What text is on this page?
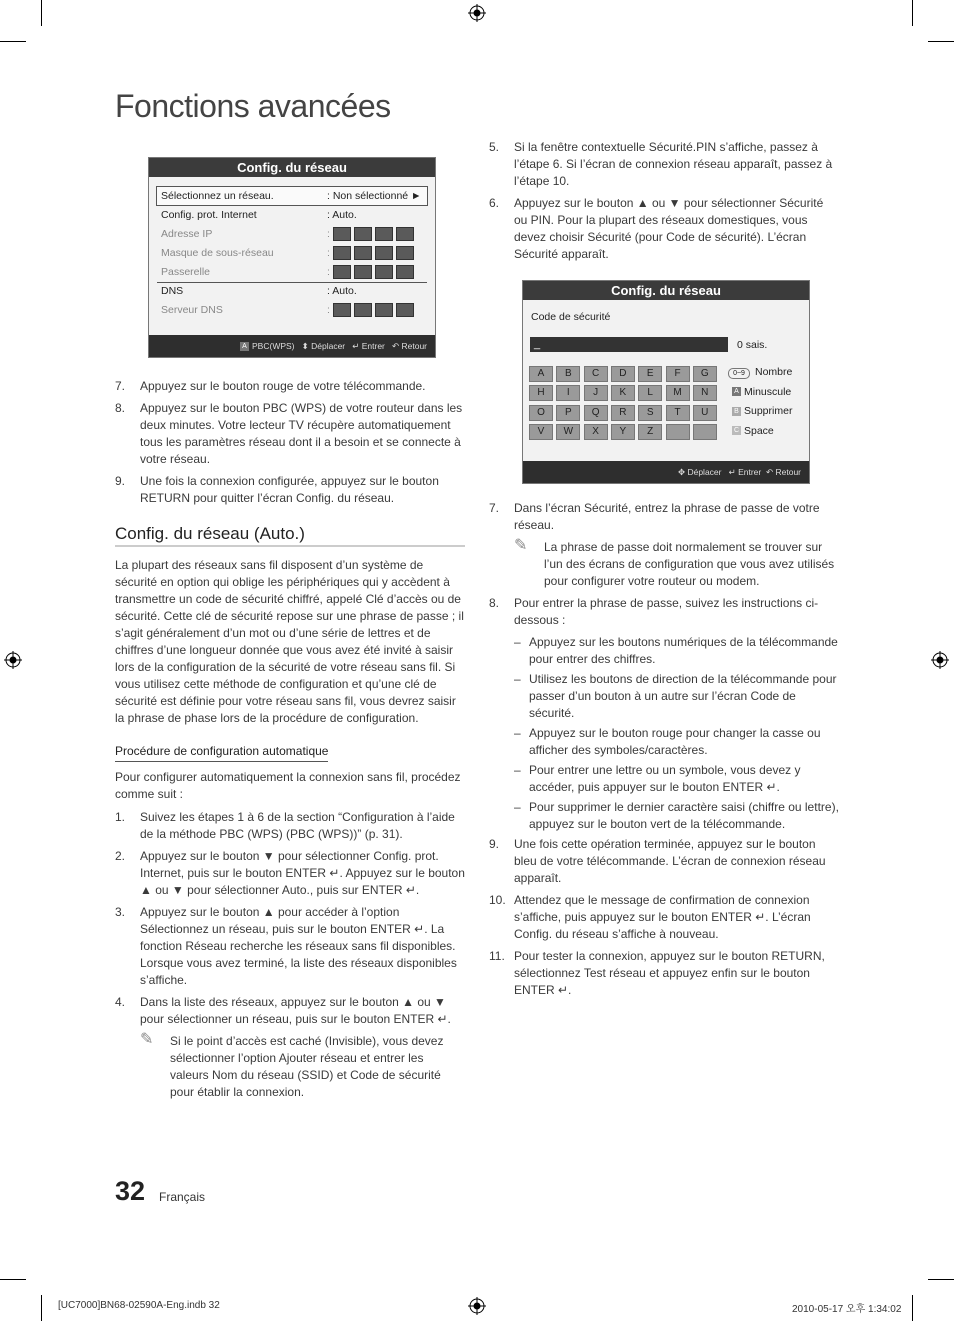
Fonctions avancées
Config. du réseau
Sélectionnez un réseau.	: Non sélectionné ►
Config. prot. Internet	: Auto.
Adresse IP	:
Masque de sous-réseau	:
Passerelle	:
DNS	: Auto.
Serveur DNS	:
A PBC(WPS) ⬍ Déplacer ↵ Entrer ↶ Retour
7. Appuyez sur le bouton rouge de votre télécommande.
8. Appuyez sur le bouton PBC (WPS) de votre routeur dans les deux minutes. Votre lecteur TV récupère automatiquement tous les paramètres réseau dont il a besoin et se connecte à votre réseau.
9. Une fois la connexion configurée, appuyez sur le bouton RETURN pour quitter l’écran Config. du réseau.
Config. du réseau (Auto.)
La plupart des réseaux sans fil disposent d’un système de sécurité en option qui oblige les périphériques qui y accèdent à transmettre un code de sécurité chiffré, appelé Clé d’accès ou de sécurité. Cette clé de sécurité repose sur une phrase de passe ; il s’agit généralement d’un mot ou d’une série de lettres et de chiffres d’une longueur donnée que vous avez été invité à saisir lors de la configuration de la sécurité de votre réseau sans fil. Si vous utilisez cette méthode de configuration et qu’une clé de sécurité est définie pour votre réseau sans fil, vous devrez saisir la phrase de phase lors de la procédure de configuration.
Procédure de configuration automatique
Pour configurer automatiquement la connexion sans fil, procédez comme suit :
1. Suivez les étapes 1 à 6 de la section “Configuration à l’aide de la méthode PBC (WPS) (PBC (WPS))” (p. 31).
2. Appuyez sur le bouton ▼ pour sélectionner Config. prot. Internet, puis sur le bouton ENTER ↵. Appuyez sur le bouton ▲ ou ▼ pour sélectionner Auto., puis sur ENTER ↵.
3. Appuyez sur le bouton ▲ pour accéder à l’option Sélectionnez un réseau, puis sur le bouton ENTER ↵. La fonction Réseau recherche les réseaux sans fil disponibles. Lorsque vous avez terminé, la liste des réseaux disponibles s’affiche.
4. Dans la liste des réseaux, appuyez sur le bouton ▲ ou ▼ pour sélectionner un réseau, puis sur le bouton ENTER ↵.
✎ Si le point d’accès est caché (Invisible), vous devez sélectionner l’option Ajouter réseau et entrer les valeurs Nom du réseau (SSID) et Code de sécurité pour établir la connexion.
5. Si la fenêtre contextuelle Sécurité.PIN s’affiche, passez à l’étape 6. Si l’écran de connexion réseau apparaît, passez à l’étape 10.
6. Appuyez sur le bouton ▲ ou ▼ pour sélectionner Sécurité ou PIN. Pour la plupart des réseaux domestiques, vous devez choisir Sécurité (pour Code de sécurité). L’écran Sécurité apparaît.
Config. du réseau
Code de sécurité
_	0 sais.
A	B	C	D	E	F	G
H	I	J	K	L	M	N
O	P	Q	R	S	T	U
V	W	X	Y	Z
0~9 Nombre
A Minuscule
B Supprimer
C Space
✥ Déplacer ↵ Entrer ↶ Retour
7. Dans l’écran Sécurité, entrez la phrase de passe de votre réseau.
✎ La phrase de passe doit normalement se trouver sur l’un des écrans de configuration que vous avez utilisés pour configurer votre routeur ou modem.
8. Pour entrer la phrase de passe, suivez les instructions ci-dessous :
– Appuyez sur les boutons numériques de la télécommande pour entrer des chiffres.
– Utilisez les boutons de direction de la télécommande pour passer d’un bouton à un autre sur l’écran Code de sécurité.
– Appuyez sur le bouton rouge pour changer la casse ou afficher des symboles/caractères.
– Pour entrer une lettre ou un symbole, vous devez y accéder, puis appuyer sur le bouton ENTER ↵.
– Pour supprimer le dernier caractère saisi (chiffre ou lettre), appuyez sur le bouton vert de la télécommande.
9. Une fois cette opération terminée, appuyez sur le bouton bleu de votre télécommande. L’écran de connexion réseau apparaît.
10. Attendez que le message de confirmation de connexion s’affiche, puis appuyez sur le bouton ENTER ↵. L’écran Config. du réseau s’affiche à nouveau.
11. Pour tester la connexion, appuyez sur le bouton RETURN, sélectionnez Test réseau et appuyez enfin sur le bouton ENTER ↵.
32 Français
[UC7000]BN68-02590A-Eng.indb 32	2010-05-17 오후 1:34:02
